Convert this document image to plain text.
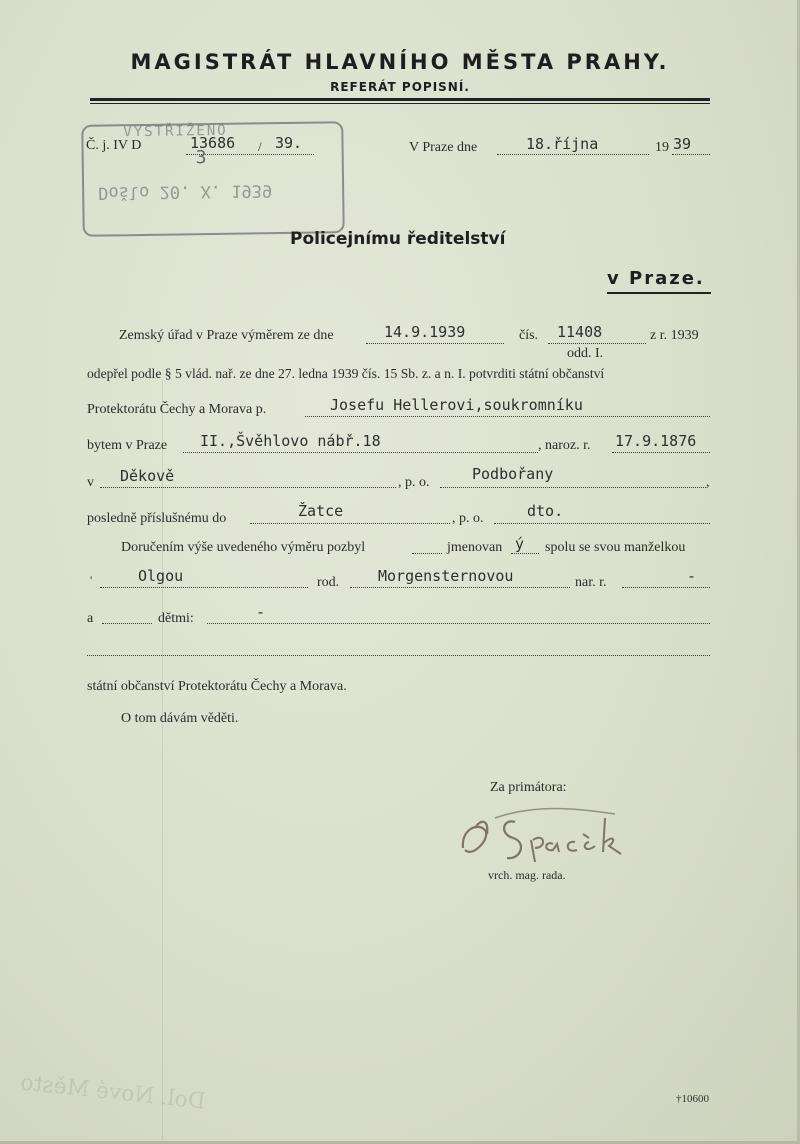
MAGISTRÁT HLAVNÍHO MĚSTA PRAHY.
REFERÁT POPISNÍ.
VYSTŘIŽENO
3
Došlo 20. X. 1939
Č. j. IV D	13686 / 39.	V Praze dne	18.října	19 39
Policejnímu ředitelství
v Praze.
Zemský úřad v Praze výměrem ze dne	14.9.1939	čís. 11408	z r. 1939
odd. I.
odepřel podle § 5 vlád. nař. ze dne 27. ledna 1939 čís. 15 Sb. z. a n. I. potvrditi státní občanství
Protektorátu Čechy a Morava p.	Josefu Hellerovi,soukromníku
bytem v Praze II.,Švěhlovo nábř.18	, naroz. r. 17.9.1876
v Děkově	, p. o.	Podbořany	,
posledně příslušnému do	Žatce	, p. o.	dto.
Doručením výše uvedeného výměru pozbyl	jmenovan ý spolu se svou manželkou
'	Olgou	rod.	Morgensternovou	nar. r.	-
a	dětmi:	-
státní občanství Protektorátu Čechy a Morava.
O tom dávám věděti.
Za primátora:
vrch. mag. rada.
Dol. Nové Město	†10600
